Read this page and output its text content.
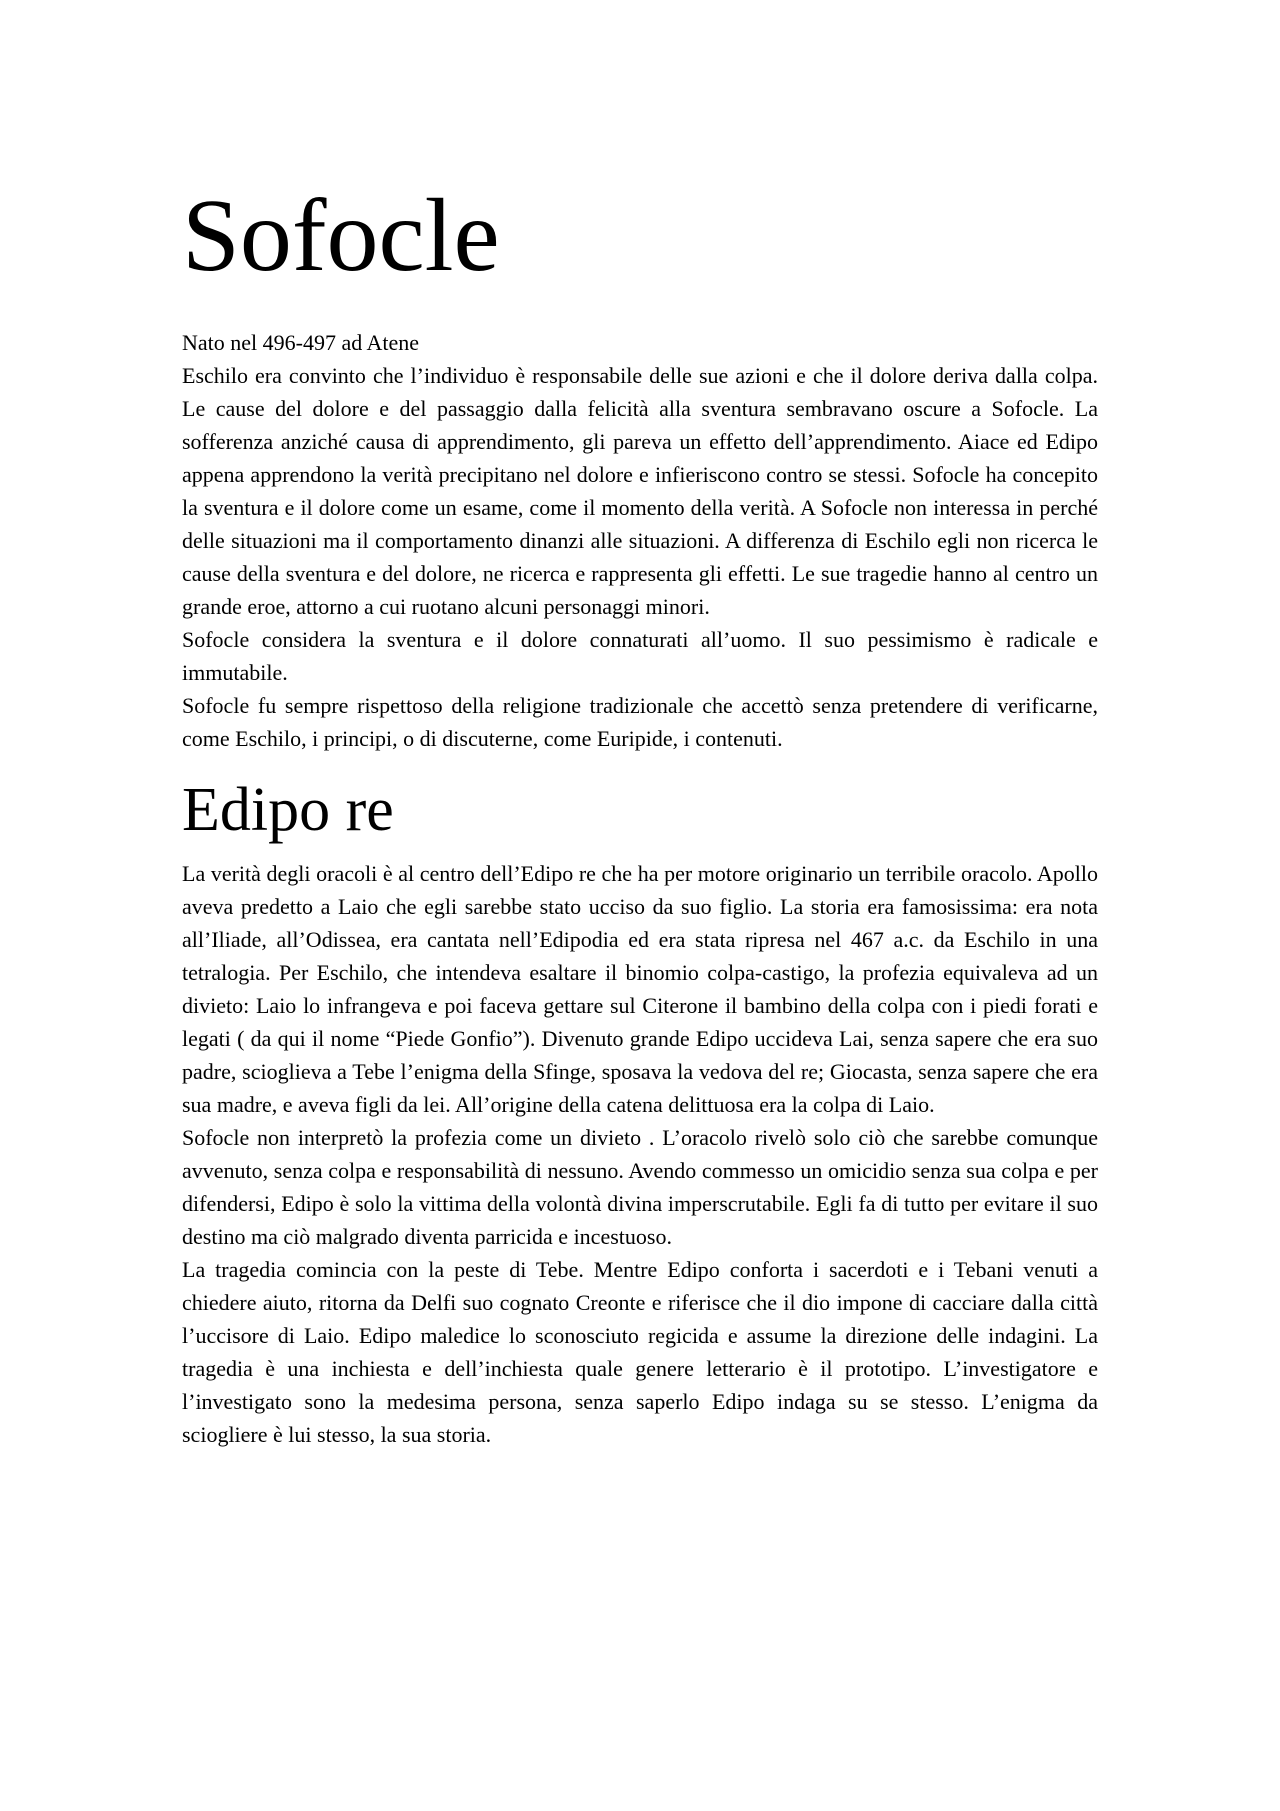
Sofocle

Nato nel 496-497 ad Atene

Eschilo era convinto che l’individuo è responsabile delle sue azioni e che il dolore deriva dalla colpa. Le cause del dolore e del passaggio dalla felicità alla sventura sembravano oscure a Sofocle. La sofferenza anziché causa di apprendimento, gli pareva un effetto dell’apprendimento. Aiace ed Edipo appena apprendono la verità precipitano nel dolore e infieriscono contro se stessi. Sofocle ha concepito la sventura e il dolore come un esame, come il momento della verità. A Sofocle non interessa in perché delle situazioni ma il comportamento dinanzi alle situazioni. A differenza di Eschilo egli non ricerca le cause della sventura e del dolore, ne ricerca e rappresenta gli effetti. Le sue tragedie hanno al centro un grande eroe, attorno a cui ruotano alcuni personaggi minori.

Sofocle considera la sventura e il dolore connaturati all’uomo. Il suo pessimismo è radicale e immutabile.

Sofocle fu sempre rispettoso della religione tradizionale che accettò senza pretendere di verificarne, come Eschilo, i principi, o di discuterne, come Euripide, i contenuti.

Edipo re

La verità degli oracoli è al centro dell’Edipo re che ha per motore originario un terribile oracolo. Apollo aveva predetto a Laio che egli sarebbe stato ucciso da suo figlio. La storia era famosissima: era nota all’Iliade, all’Odissea, era cantata nell’Edipodia ed era stata ripresa nel 467 a.c. da Eschilo in una tetralogia. Per Eschilo, che intendeva esaltare il binomio colpa-castigo, la profezia equivaleva ad un divieto: Laio lo infrangeva e poi faceva gettare sul Citerone il bambino della colpa con i piedi forati e legati ( da qui il nome “Piede Gonfio”). Divenuto grande Edipo uccideva Lai, senza sapere che era suo padre, scioglieva a Tebe l’enigma della Sfinge, sposava la vedova del re; Giocasta, senza sapere che era sua madre, e aveva figli da lei. All’origine della catena delittuosa era la colpa di Laio.

Sofocle non interpretò la profezia come un divieto . L’oracolo rivelò solo ciò che sarebbe comunque avvenuto, senza colpa e responsabilità di nessuno. Avendo commesso un omicidio senza sua colpa e per difendersi, Edipo è solo la vittima della volontà divina imperscrutabile. Egli fa di tutto per evitare il suo destino ma ciò malgrado diventa parricida e incestuoso.

La tragedia comincia con la peste di Tebe. Mentre Edipo conforta i sacerdoti e i Tebani venuti a chiedere aiuto, ritorna da Delfi suo cognato Creonte e riferisce che il dio impone di cacciare dalla città l’uccisore di Laio. Edipo maledice lo sconosciuto regicida e assume la direzione delle indagini. La tragedia è una inchiesta e dell’inchiesta quale genere letterario è il prototipo. L’investigatore e l’investigato sono la medesima persona, senza saperlo Edipo indaga su se stesso. L’enigma da sciogliere è lui stesso, la sua storia.
